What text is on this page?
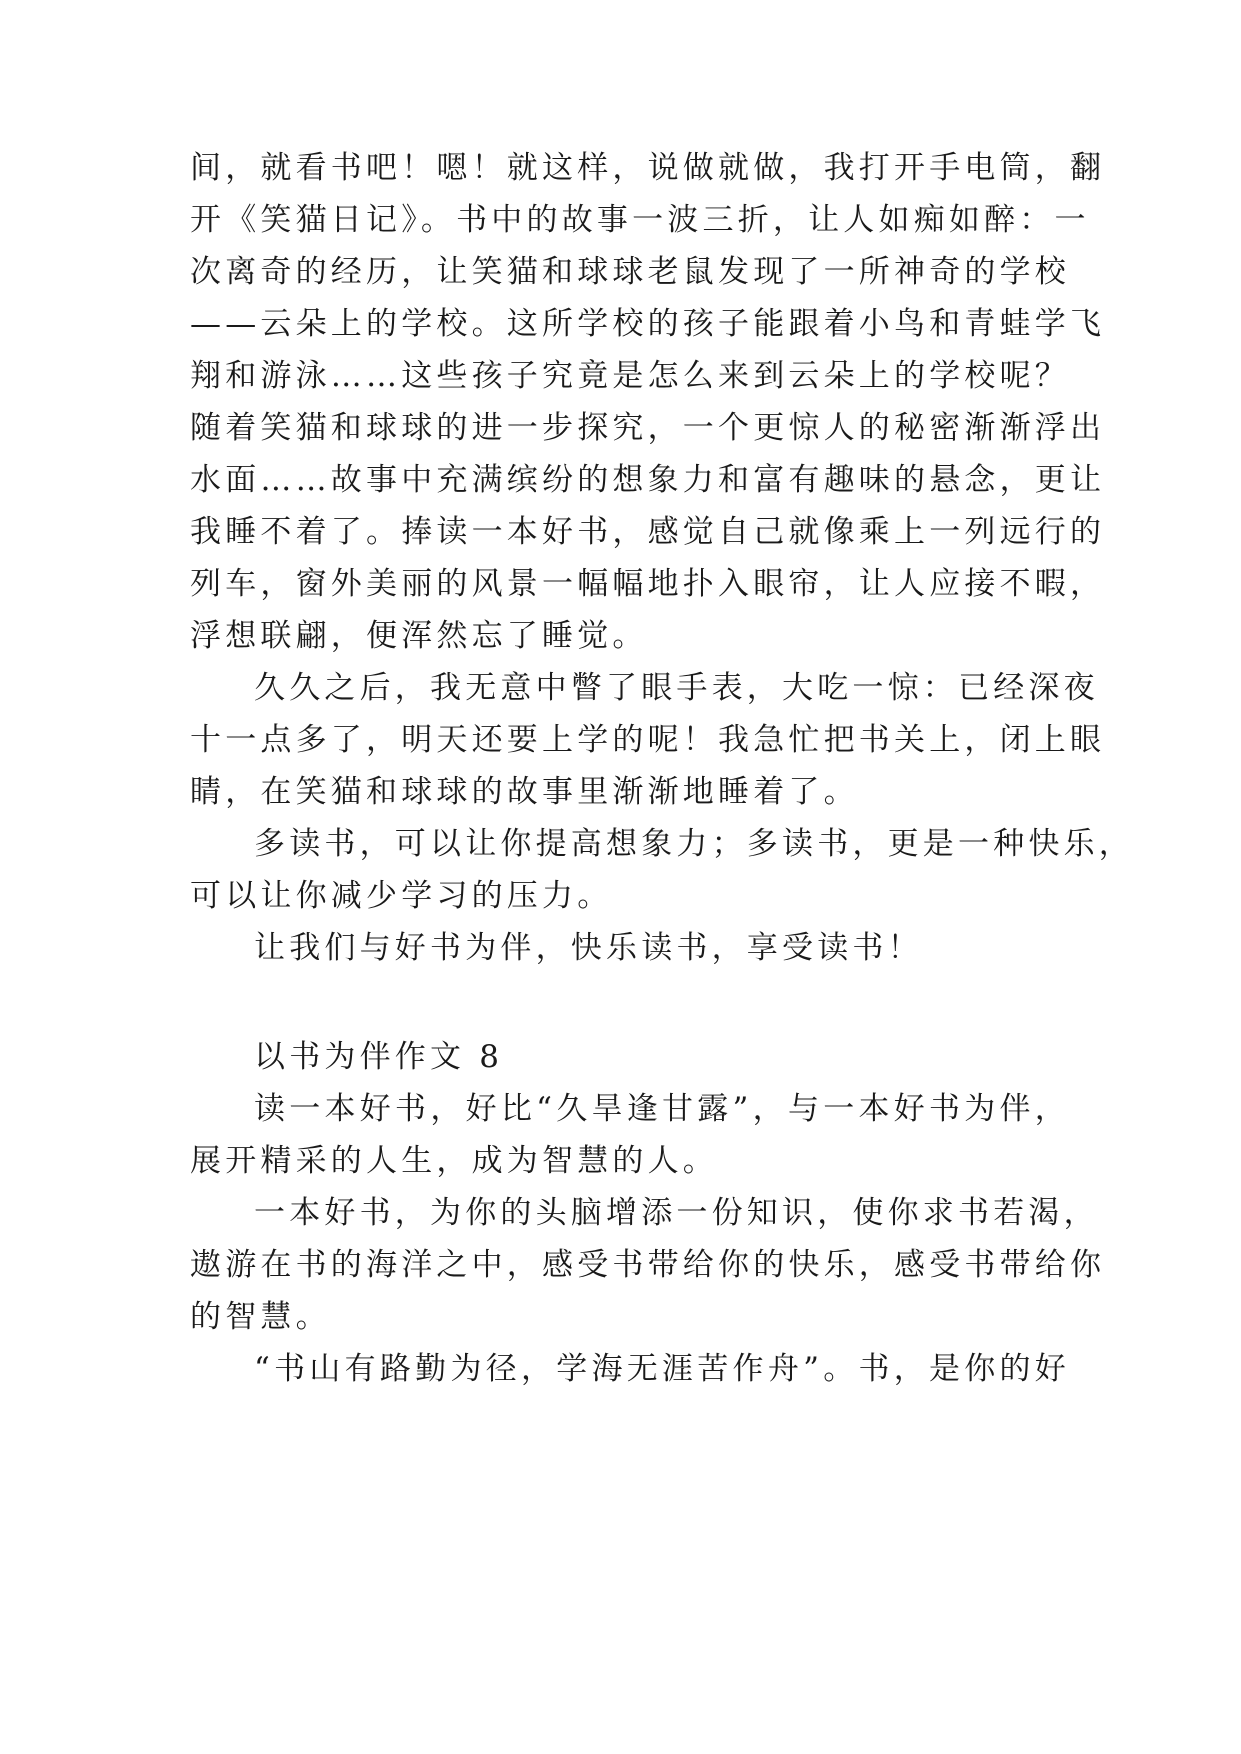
间，就看书吧！嗯！就这样，说做就做，我打开手电筒，翻
开《笑猫日记》。书中的故事一波三折，让人如痴如醉：一
次离奇的经历，让笑猫和球球老鼠发现了一所神奇的学校
——云朵上的学校。这所学校的孩子能跟着小鸟和青蛙学飞
翔和游泳……这些孩子究竟是怎么来到云朵上的学校呢？
随着笑猫和球球的进一步探究，一个更惊人的秘密渐渐浮出
水面……故事中充满缤纷的想象力和富有趣味的悬念，更让
我睡不着了。捧读一本好书，感觉自己就像乘上一列远行的
列车，窗外美丽的风景一幅幅地扑入眼帘，让人应接不暇，
浮想联翩，便浑然忘了睡觉。
久久之后，我无意中瞥了眼手表，大吃一惊：已经深夜
十一点多了，明天还要上学的呢！我急忙把书关上，闭上眼
睛，在笑猫和球球的故事里渐渐地睡着了。
多读书，可以让你提高想象力；多读书，更是一种快乐，
可以让你减少学习的压力。
让我们与好书为伴，快乐读书，享受读书！
以书为伴作文 8
读一本好书，好比“久旱逢甘露”，与一本好书为伴，
展开精采的人生，成为智慧的人。
一本好书，为你的头脑增添一份知识，使你求书若渴，
遨游在书的海洋之中，感受书带给你的快乐，感受书带给你
的智慧。
“书山有路勤为径，学海无涯苦作舟”。书，是你的好
